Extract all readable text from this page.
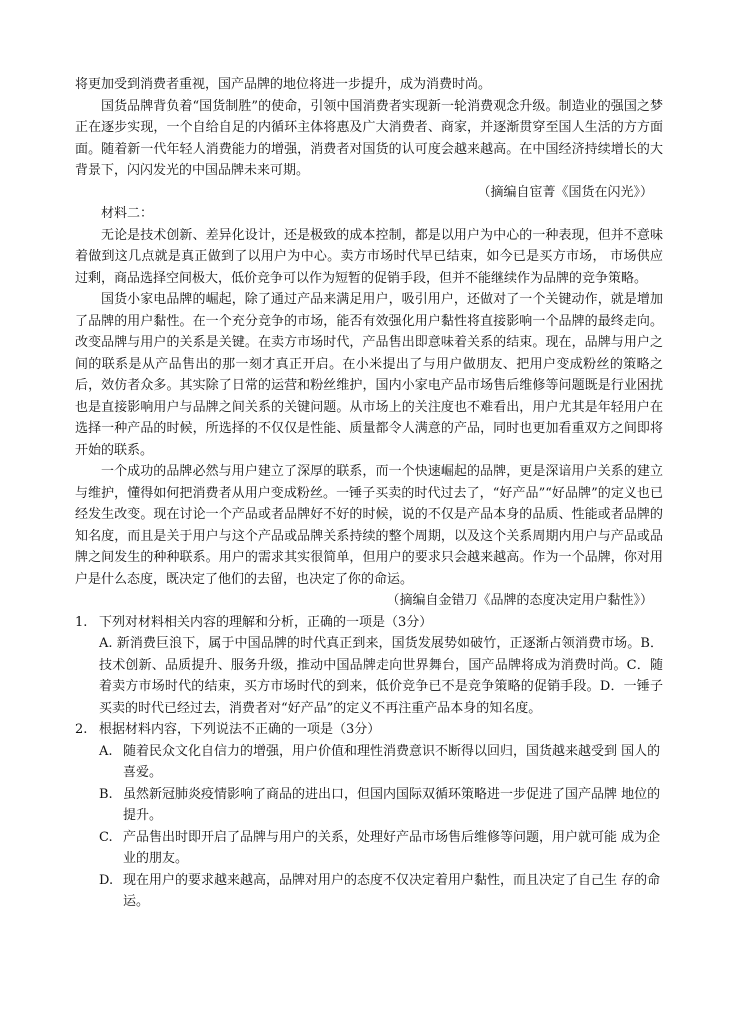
将更加受到消费者重视，国产品牌的地位将进一步提升，成为消费时尚。

国货品牌背负着“国货制胜”的使命，引领中国消费者实现新一轮消费观念升级。制造业的强国之梦正在逐步实现，一个自给自足的内循环主体将惠及广大消费者、商家，并逐渐贯穿至国人生活的方方面面。随着新一代年轻人消费能力的增强，消费者对国货的认可度会越来越高。在中国经济持续增长的大背景下，闪闪发光的中国品牌未来可期。

（摘编自宦菁《国货在闪光》）

材料二：

无论是技术创新、差异化设计，还是极致的成本控制，都是以用户为中心的一种表现，但并不意味着做到这几点就是真正做到了以用户为中心。卖方市场时代早已结束，如今已是买方市场， 市场供应过剩，商品选择空间极大，低价竞争可以作为短暂的促销手段，但并不能继续作为品牌的竞争策略。

国货小家电品牌的崛起，除了通过产品来满足用户，吸引用户，还做对了一个关键动作，就是增加了品牌的用户黏性。在一个充分竞争的市场，能否有效强化用户黏性将直接影响一个品牌的最终走向。改变品牌与用户的关系是关键。在卖方市场时代，产品售出即意味着关系的结束。现在，品牌与用户之间的联系是从产品售出的那一刻才真正开启。在小米提出了与用户做朋友、把用户变成粉丝的策略之后，效仿者众多。其实除了日常的运营和粉丝维护，国内小家电产品市场售后维修等问题既是行业困扰也是直接影响用户与品牌之间关系的关键问题。从市场上的关注度也不难看出，用户尤其是年轻用户在选择一种产品的时候，所选择的不仅仅是性能、质量都令人满意的产品，同时也更加看重双方之间即将开始的联系。

一个成功的品牌必然与用户建立了深厚的联系，而一个快速崛起的品牌，更是深谙用户关系的建立与维护，懂得如何把消费者从用户变成粉丝。一锤子买卖的时代过去了，“好产品”“好品牌”的定义也已经发生改变。现在讨论一个产品或者品牌好不好的时候，说的不仅是产品本身的品质、性能或者品牌的知名度，而且是关于用户与这个产品或品牌关系持续的整个周期，以及这个关系周期内用户与产品或品牌之间发生的种种联系。用户的需求其实很简单，但用户的要求只会越来越高。作为一个品牌，你对用户是什么态度，既决定了他们的去留，也决定了你的命运。

（摘编自金错刀《品牌的态度决定用户黏性》）

1. 下列对材料相关内容的理解和分析，正确的一项是（3分）

A. 新消费巨浪下，属于中国品牌的时代真正到来，国货发展势如破竹，正逐渐占领消费市场。B．技术创新、品质提升、服务升级，推动中国品牌走向世界舞台，国产品牌将成为消费时尚。C．随着卖方市场时代的结束，买方市场时代的到来，低价竞争已不是竞争策略的促销手段。D．一锤子买卖的时代已经过去，消费者对“好产品”的定义不再注重产品本身的知名度。

2. 根据材料内容，下列说法不正确的一项是（3分）

A. 随着民众文化自信力的增强，用户价值和理性消费意识不断得以回归，国货越来越受到 国人的喜爱。
B. 虽然新冠肺炎疫情影响了商品的进出口，但国内国际双循环策略进一步促进了国产品牌 地位的提升。
C. 产品售出时即开启了品牌与用户的关系，处理好产品市场售后维修等问题，用户就可能 成为企业的朋友。
D. 现在用户的要求越来越高，品牌对用户的态度不仅决定着用户黏性，而且决定了自己生 存的命运。
